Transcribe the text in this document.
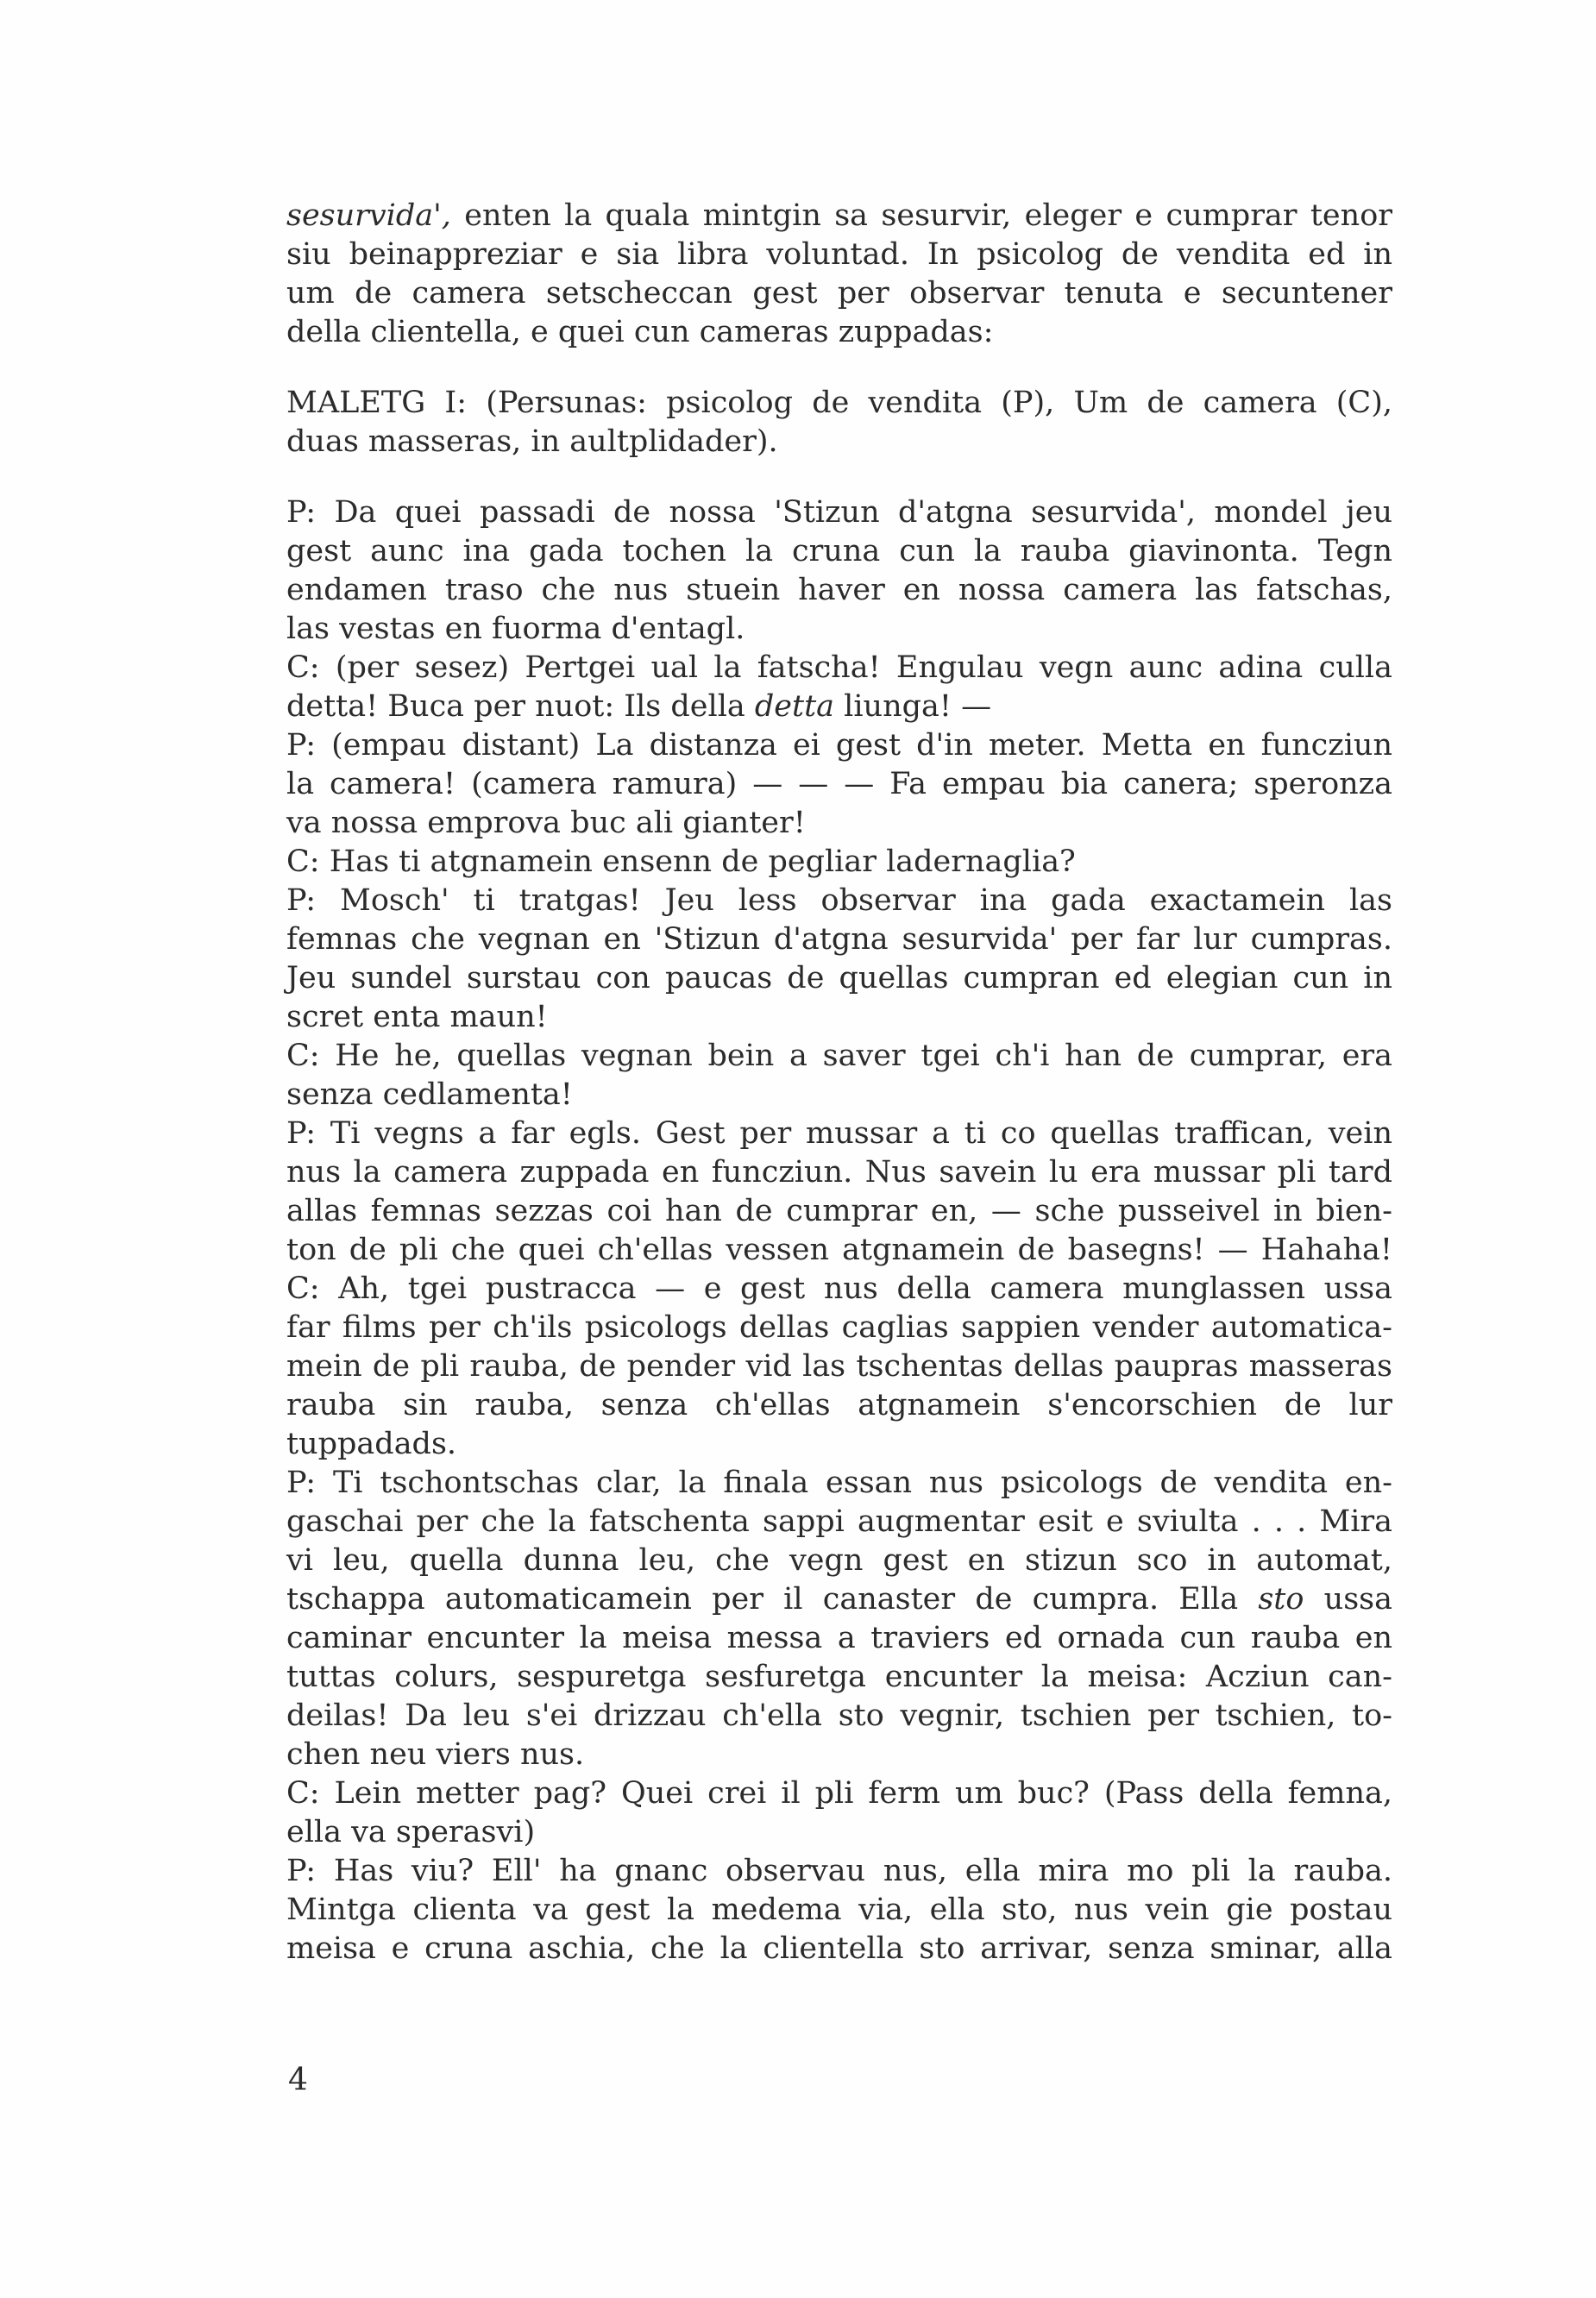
sesurvida', enten la quala mintgin sa sesurvir, eleger e cumprar tenor
siu beinappreziar e sia libra voluntad. In psicolog de vendita ed in
um de camera setscheccan gest per observar tenuta e secuntener
della clientella, e quei cun cameras zuppadas:
MALETG I: (Persunas: psicolog de vendita (P), Um de camera (C),
duas masseras, in aultplidader).
P: Da quei passadi de nossa 'Stizun d'atgna sesurvida', mondel jeu
gest aunc ina gada tochen la cruna cun la rauba giavinonta. Tegn
endamen traso che nus stuein haver en nossa camera las fatschas,
las vestas en fuorma d'entagl.
C: (per sesez) Pertgei ual la fatscha! Engulau vegn aunc adina culla
detta! Buca per nuot: Ils della detta liunga! —
P: (empau distant) La distanza ei gest d'in meter. Metta en funcziun
la camera! (camera ramura) — — — Fa empau bia canera; speronza
va nossa emprova buc ali gianter!
C: Has ti atgnamein ensenn de pegliar ladernaglia?
P: Mosch' ti tratgas! Jeu less observar ina gada exactamein las
femnas che vegnan en 'Stizun d'atgna sesurvida' per far lur cumpras.
Jeu sundel surstau con paucas de quellas cumpran ed elegian cun in
scret enta maun!
C: He he, quellas vegnan bein a saver tgei ch'i han de cumprar, era
senza cedlamenta!
P: Ti vegns a far egls. Gest per mussar a ti co quellas traffican, vein
nus la camera zuppada en funcziun. Nus savein lu era mussar pli tard
allas femnas sezzas coi han de cumprar en, — sche pusseivel in bien-
ton de pli che quei ch'ellas vessen atgnamein de basegns! — Hahaha!
C: Ah, tgei pustracca — e gest nus della camera munglassen ussa
far films per ch'ils psicologs dellas caglias sappien vender automatica-
mein de pli rauba, de pender vid las tschentas dellas paupras masseras
rauba sin rauba, senza ch'ellas atgnamein s'encorschien de lur
tuppadads.
P: Ti tschontschas clar, la finala essan nus psicologs de vendita en-
gaschai per che la fatschenta sappi augmentar esit e sviulta . . . Mira
vi leu, quella dunna leu, che vegn gest en stizun sco in automat,
tschappa automaticamein per il canaster de cumpra. Ella sto ussa
caminar encunter la meisa messa a traviers ed ornada cun rauba en
tuttas colurs, sespuretga sesfuretga encunter la meisa: Acziun can-
deilas! Da leu s'ei drizzau ch'ella sto vegnir, tschien per tschien, to-
chen neu viers nus.
C: Lein metter pag? Quei crei il pli ferm um buc? (Pass della femna,
ella va sperasvi)
P: Has viu? Ell' ha gnanc observau nus, ella mira mo pli la rauba.
Mintga clienta va gest la medema via, ella sto, nus vein gie postau
meisa e cruna aschia, che la clientella sto arrivar, senza sminar, alla
4
